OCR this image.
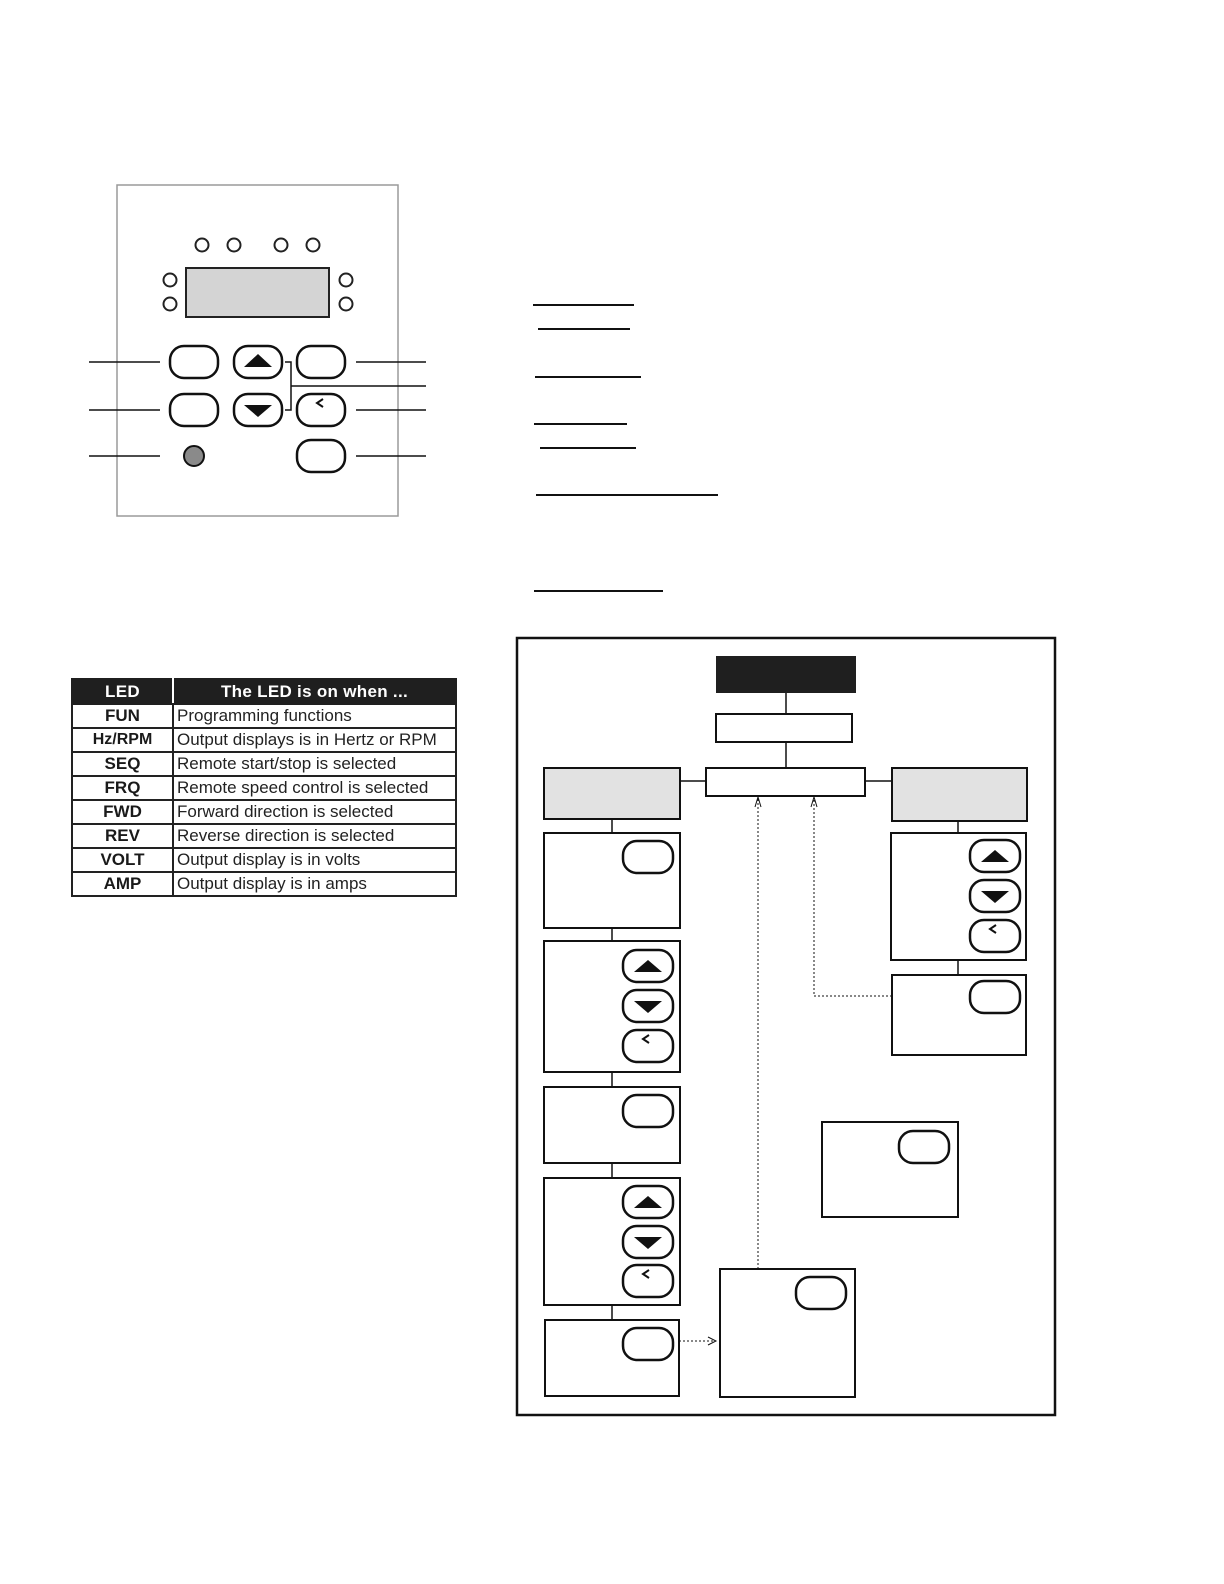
LED	The LED is on when ...
FUN	Programming functions
Hz/RPM	Output displays is in Hertz or RPM
SEQ	Remote start/stop is selected
FRQ	Remote speed control is selected
FWD	Forward direction is selected
REV	Reverse direction is selected
VOLT	Output display is in volts
AMP	Output display is in amps
